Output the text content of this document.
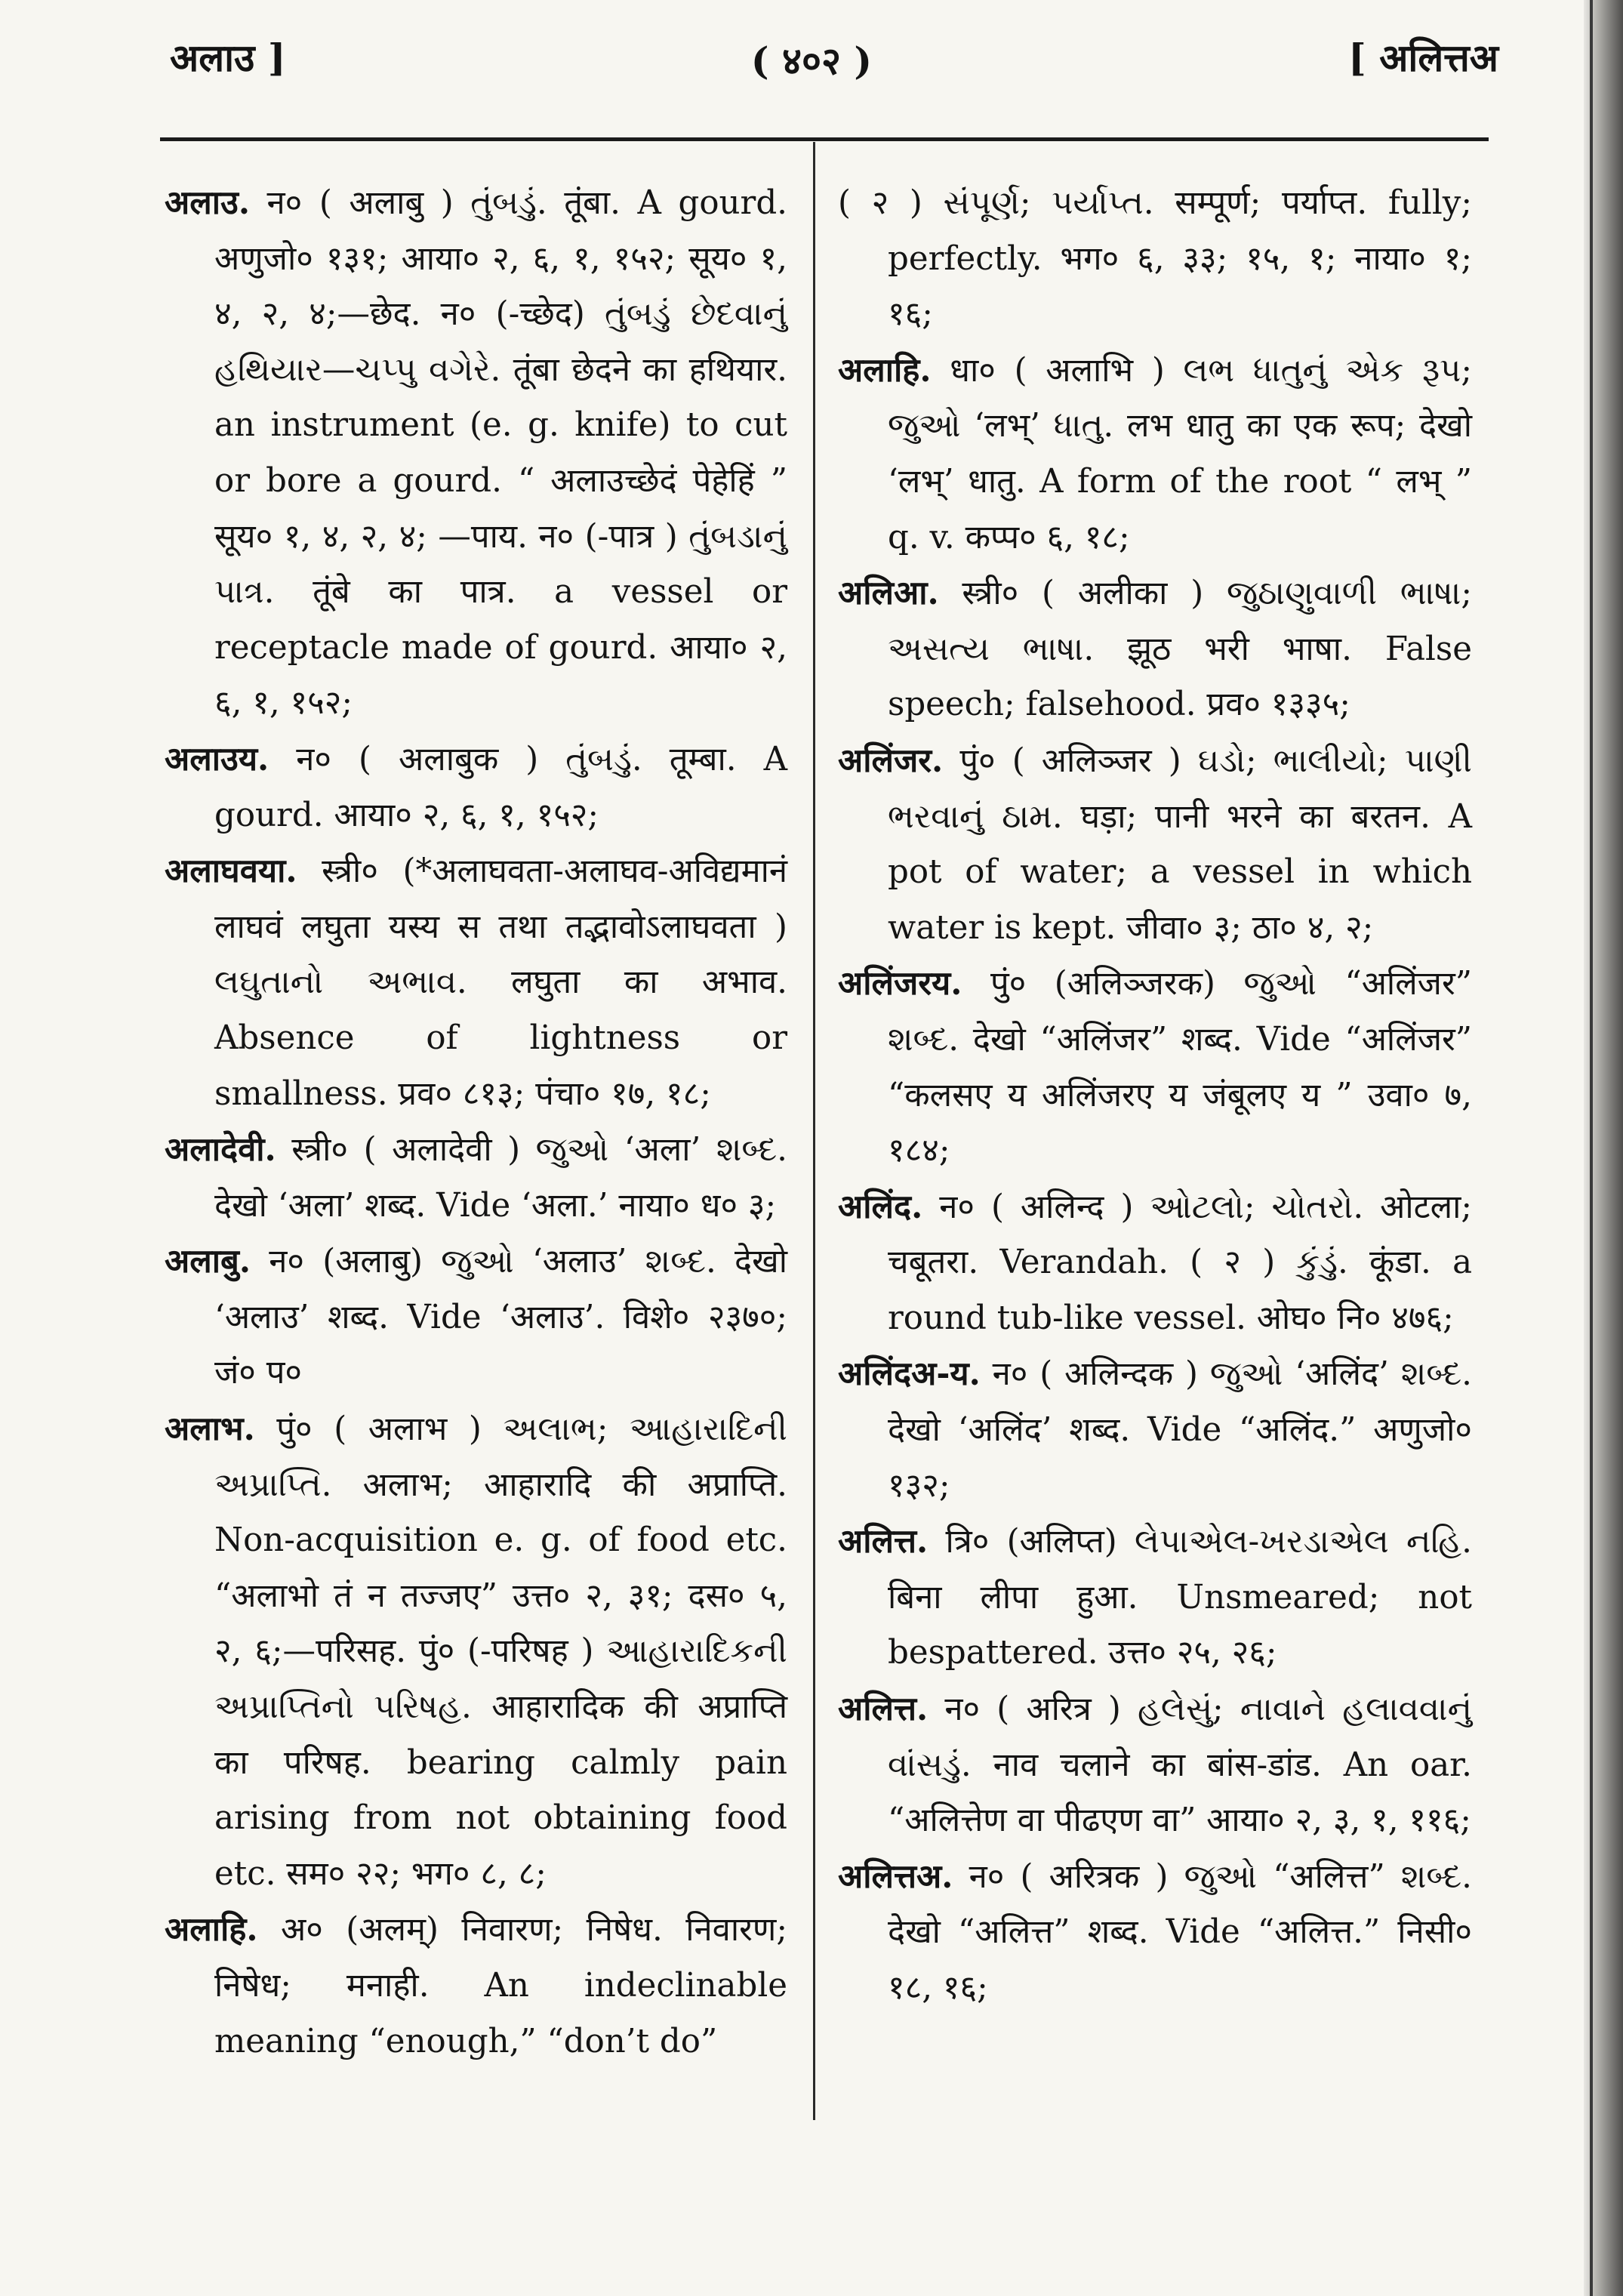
अलाउ ]	( ४०२ )	[ अलित्तअ

अलाउ. न० ( अलाबु ) તુંબડું. तूंबा. A gourd. अणुजो० १३१; आया० २, ६, १, १५२; सूय० १, ४, २, ४;—छेद. न० (-च्छेद) તુંબડું છેદવાનું હથિયાર—ચપ્પુ વગેરે. तूंबा छेदने का हथियार. an instrument (e. g. knife) to cut or bore a gourd. “ अलाउच्छेदं पेहेहिं ” सूय० १, ४, २, ४; —पाय. न० (-पात्र ) તુંબડાનું પાત્ર. तूंबे का पात्र. a vessel or receptacle made of gourd. आया० २, ६, १, १५२;

अलाउय. न० ( अलाबुक ) તુંબડું. तूम्बा. A gourd. आया० २, ६, १, १५२;

अलाघवया. स्त्री० (*अलाघवता-अलाघव-अविद्यमानं लाघवं लघुता यस्य स तथा तद्भावोऽलाघवता ) લઘુતાનો અભાવ. लघुता का अभाव. Absence of lightness or smallness. प्रव० ८१३; पंचा० १७, १८;

अलादेवी. स्त्री० ( अलादेवी ) જુઓ ‘अला’ શબ્દ. देखो ‘अला’ शब्द. Vide ‘अला.’ नाया० ध० ३;

अलाबु. न० (अलाबु) જુઓ ‘अलाउ’ શબ્દ. देखो ‘अलाउ’ शब्द. Vide ‘अलाउ’. विशे० २३७०; जं० प०

अलाभ. पुं० ( अलाभ ) અલાભ; આહારાદિની અપ્રાપ્તિ. अलाभ; आहारादि की अप्राप्ति. Non-acquisition e. g. of food etc. “अलाभो तं न तज्जए” उत्त० २, ३१; दस० ५, २, ६;—परिसह. पुं० (-परिषह ) આહારાદિકની અપ્રાપ્તિનો પરિષહ. आहारादिक की अप्राप्ति का परिषह. bearing calmly pain arising from not obtaining food etc. सम० २२; भग० ८, ८;

अलाहि. अ० (अलम्) निवारण; निषेध. निवारण; निषेध; मनाही. An indeclinable meaning “enough,” “don’t do”

( २ ) સંપૂર્ણ; પર્યાપ્ત. सम्पूर्ण; पर्याप्त. fully; perfectly. भग० ६, ३३; १५, १; नाया० १; १६;

अलाहि. धा० ( अलाभि ) લભ ધાતુનું એક રૂપ; જુઓ ‘लभ्’ ધાતુ. लभ धातु का एक रूप; देखो ‘लभ्’ धातु. A form of the root “ लभ् ” q. v. कप्प० ६, १८;

अलिआ. स्त्री० ( अलीका ) જુઠાણુવાળી ભાષા; અસત્ય ભાષા. झूठ भरी भाषा. False speech; falsehood. प्रव० १३३५;

अलिंजर. पुं० ( अलिञ्जर ) ઘડો; ભાલીયો; પાણી ભરવાનું ઠામ. घड़ा; पानी भरने का बरतन. A pot of water; a vessel in which water is kept. जीवा० ३; ठा० ४, २;

अलिंजरय. पुं० (अलिञ्जरक) જુઓ “अलिंजर” શબ્દ. देखो “अलिंजर” शब्द. Vide “अलिंजर” “कलसए य अलिंजरए य जंबूलए य ” उवा० ७, १८४;

अलिंद. न० ( अलिन्द ) ઓટલો; ચોતરો. ओटला; चबूतरा. Verandah. ( २ ) કુંડું. कूंडा. a round tub-like vessel. ओघ० नि० ४७६;

अलिंदअ-य. न० ( अलिन्दक ) જુઓ ‘अलिंद’ શબ્દ. देखो ‘अलिंद’ शब्द. Vide “अलिंद.” अणुजो० १३२;

अलित्त. त्रि० (अलिप्त) લેપાએલ-ખરડાએલ નહિ. बिना लीपा हुआ. Unsmeared; not bespattered. उत्त० २५, २६;

अलित्त. न० ( अरित्र ) હલેસું; નાવાને હલાવવાનું વાંસડું. नाव चलाने का बांस-डांड. An oar. “अलित्तेण वा पीढएण वा” आया० २, ३, १, ११६;

अलित्तअ. न० ( अरित्रक ) જુઓ “अलित्त” શબ્દ. देखो “अलित्त” शब्द. Vide “अलित्त.” निसी० १८, १६;
